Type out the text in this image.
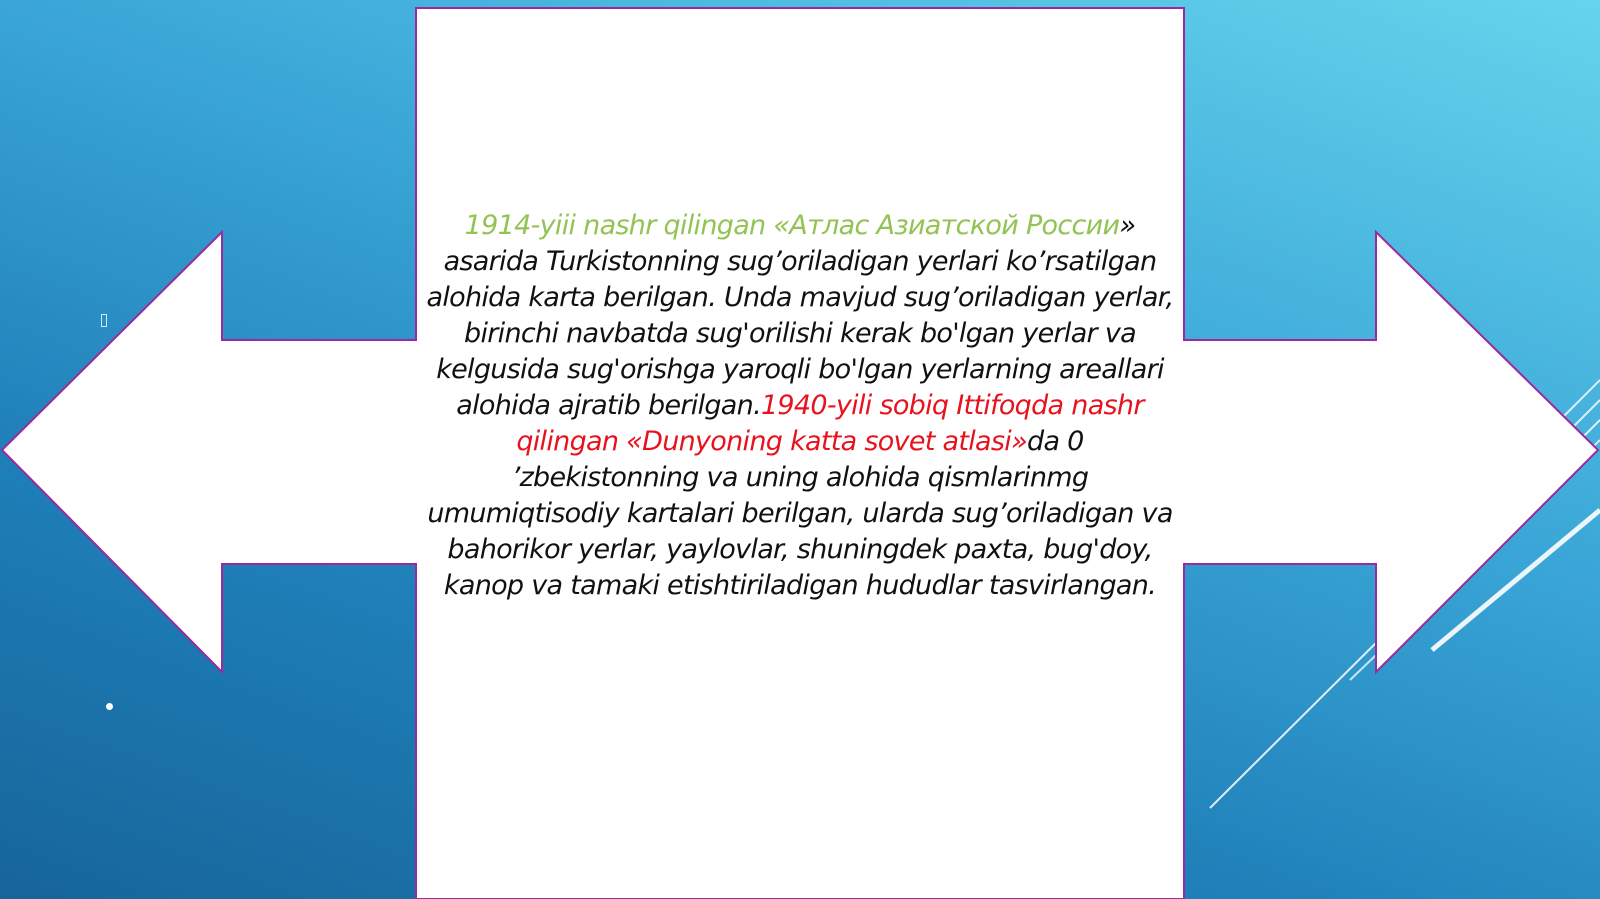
1914-yiii nashr qilingan «Атлас Азиатской России» asarida Turkistonning sug’oriladigan yerlari ko’rsatilgan alohida karta berilgan. Unda mavjud sug’oriladigan yerlar, birinchi navbatda sug'orilishi kerak bo'lgan yerlar va kelgusida sug'orishga yaroqli bo'lgan yerlarning areallari alohida ajratib berilgan.1940-yili sobiq Ittifoqda nashr qilingan «Dunyoning katta sovet atlasi»da 0 ’zbekistonning va uning alohida qismlarinmg umumiqtisodiy kartalari berilgan, ularda sug’oriladigan va bahorikor yerlar, yaylovlar, shuningdek paxta, bug'doy, kanop va tamaki etishtiriladigan hududlar tasvirlangan.
